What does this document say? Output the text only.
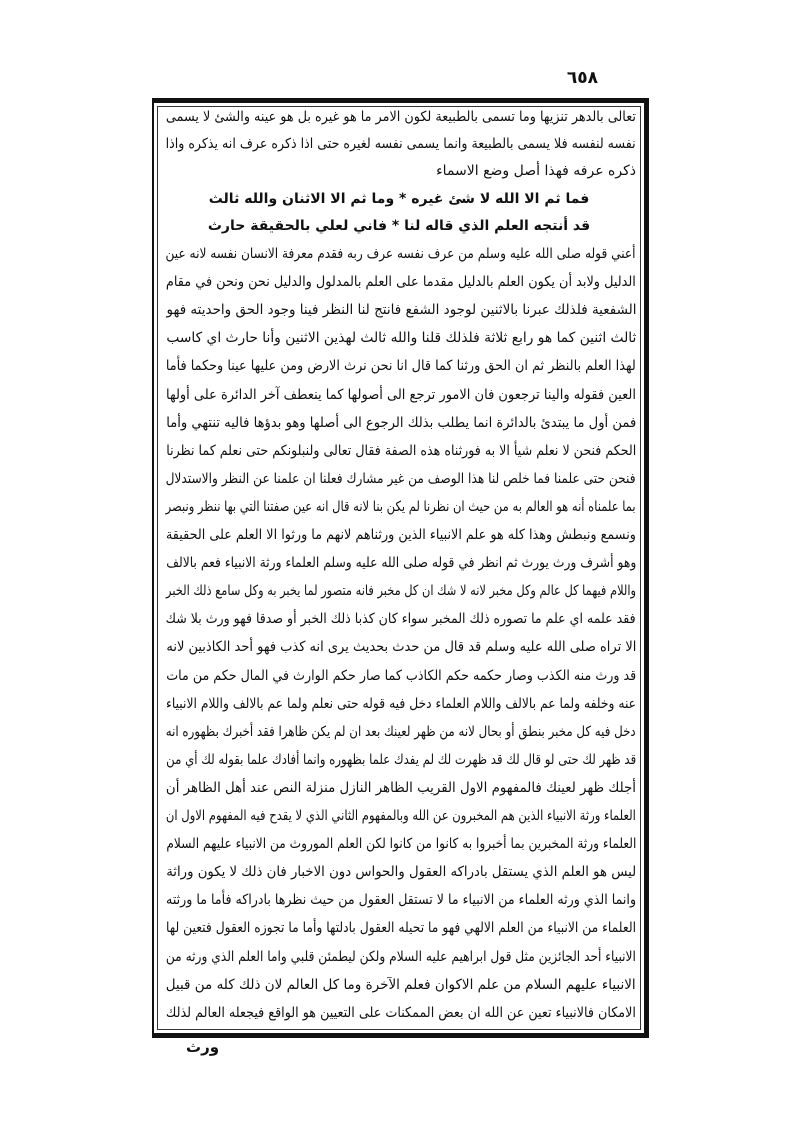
٦٥٨
تعالى بالدهر تنزيها وما تسمى بالطبيعة لكون الامر ما هو غيره بل هو عينه والشئ لا يسمى
نفسه لنفسه فلا يسمى بالطبيعة وانما يسمى نفسه لغيره حتى اذا ذكره عرف انه يذكره واذا
ذكره عرفه فهذا أصل وضع الاسماء
فما ثم الا الله لا شئ غيره * وما ثم الا الاثنان والله ثالث
قد أنتجه العلم الذي قاله لنا * فاني لعلي بالحقيقة حارث
أعني قوله صلى الله عليه وسلم من عرف نفسه عرف ربه فقدم معرفة الانسان نفسه لانه عين
الدليل ولابد أن يكون العلم بالدليل مقدما على العلم بالمدلول والدليل نحن ونحن في مقام
الشفعية فلذلك عبرنا بالاثنين لوجود الشفع فانتج لنا النظر فينا وجود الحق واحديته فهو
ثالث اثنين كما هو رابع ثلاثة فلذلك قلنا والله ثالث لهذين الاثنين وأنا حارث اي كاسب
لهذا العلم بالنظر ثم ان الحق ورثنا كما قال انا نحن نرث الارض ومن عليها عينا وحكما فأما
العين فقوله والينا ترجعون فان الامور ترجع الى أصولها كما ينعطف آخر الدائرة على أولها
فمن أول ما يبتدئ بالدائرة انما يطلب بذلك الرجوع الى أصلها وهو بدؤها فاليه تنتهي وأما
الحكم فنحن لا نعلم شيأ الا به فورثناه هذه الصفة فقال تعالى ولنبلونكم حتى نعلم كما نظرنا
فنحن حتى علمنا فما خلص لنا هذا الوصف من غير مشارك فعلنا ان علمنا عن النظر والاستدلال
بما علمناه أنه هو العالم به من حيث ان نظرنا لم يكن بنا لانه قال انه عين صفتنا التي بها ننظر ونبصر
ونسمع ونبطش وهذا كله هو علم الانبياء الذين ورثناهم لانهم ما ورثوا الا العلم على الحقيقة
وهو أشرف ورث يورث ثم انظر في قوله صلى الله عليه وسلم العلماء ورثة الانبياء فعم بالالف
واللام فيهما كل عالم وكل مخبر لانه لا شك ان كل مخبر فانه متصور لما يخبر به وكل سامع ذلك الخبر
فقد علمه اي علم ما تصوره ذلك المخبر سواء كان كذبا ذلك الخبر أو صدقا فهو ورث بلا شك
الا تراه صلى الله عليه وسلم قد قال من حدث بحديث يرى انه كذب فهو أحد الكاذبين لانه
قد ورث منه الكذب وصار حكمه حكم الكاذب كما صار حكم الوارث في المال حكم من مات
عنه وخلفه ولما عم بالالف واللام العلماء دخل فيه قوله حتى نعلم ولما عم بالالف واللام الانبياء
دخل فيه كل مخبر بنطق أو بحال لانه من ظهر لعينك بعد ان لم يكن ظاهرا فقد أخبرك بظهوره انه
قد ظهر لك حتى لو قال لك قد ظهرت لك لم يفدك علما بظهوره وانما أفادك علما بقوله لك أي من
أجلك ظهر لعينك فالمفهوم الاول القريب الظاهر النازل منزلة النص عند أهل الظاهر أن
العلماء ورثة الانبياء الذين هم المخبرون عن الله وبالمفهوم الثاني الذي لا يقدح فيه المفهوم الاول ان
العلماء ورثة المخبرين بما أخبروا به كانوا من كانوا لكن العلم الموروث من الانبياء عليهم السلام
ليس هو العلم الذي يستقل بادراكه العقول والحواس دون الاخبار فان ذلك لا يكون وراثة
وانما الذي ورثه العلماء من الانبياء ما لا تستقل العقول من حيث نظرها بادراكه فأما ما ورثته
العلماء من الانبياء من العلم الالهي فهو ما تحيله العقول بادلتها وأما ما تجوزه العقول فتعين لها
الانبياء أحد الجائزين مثل قول ابراهيم عليه السلام ولكن ليطمئن قلبي واما العلم الذي ورثه من
الانبياء عليهم السلام من علم الاكوان فعلم الآخرة وما كل العالم لان ذلك كله من قبيل
الامكان فالانبياء تعين عن الله ان بعض الممكنات على التعيين هو الواقع فيجعله العالم لذلك
ورث
